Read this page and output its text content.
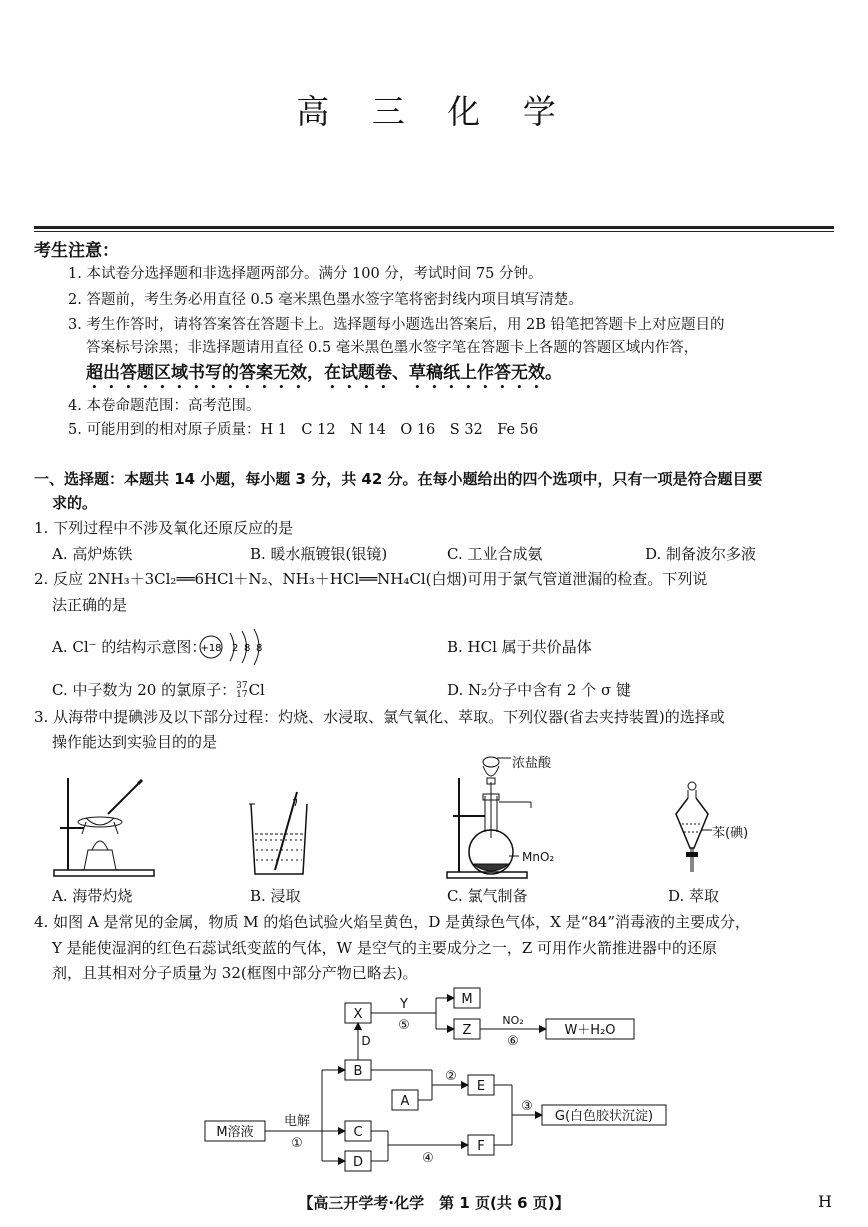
高 三 化 学
考生注意：
1. 本试卷分选择题和非选择题两部分。满分 100 分，考试时间 75 分钟。
2. 答题前，考生务必用直径 0.5 毫米黑色墨水签字笔将密封线内项目填写清楚。
3. 考生作答时，请将答案答在答题卡上。选择题每小题选出答案后，用 2B 铅笔把答题卡上对应题目的
答案标号涂黑；非选择题请用直径 0.5 毫米黑色墨水签字笔在答题卡上各题的答题区域内作答，
超出答题区域书写的答案无效，在试题卷、草稿纸上作答无效。
4. 本卷命题范围：高考范围。
5. 可能用到的相对原子质量：H 1　C 12　N 14　O 16　S 32　Fe 56
一、选择题：本题共 14 小题，每小题 3 分，共 42 分。在每小题给出的四个选项中，只有一项是符合题目要
求的。
1. 下列过程中不涉及氧化还原反应的是
A. 高炉炼铁	B. 暖水瓶镀银(银镜)	C. 工业合成氨	D. 制备波尔多液
2. 反应 2NH₃＋3Cl₂══6HCl＋N₂、NH₃＋HCl══NH₄Cl(白烟)可用于氯气管道泄漏的检查。下列说
法正确的是
A. Cl⁻ 的结构示意图：
+18 2 8 8	B. HCl 属于共价晶体
C. 中子数为 20 的氯原子：37
17Cl	D. N₂分子中含有 2 个 σ 键
3. 从海带中提碘涉及以下部分过程：灼烧、水浸取、氯气氧化、萃取。下列仪器(省去夹持装置)的选择或
操作能达到实验目的的是
浓盐酸
MnO₂
苯(碘)
A. 海带灼烧	B. 浸取	C. 氯气制备	D. 萃取
4. 如图 A 是常见的金属，物质 M 的焰色试验火焰呈黄色，D 是黄绿色气体，X 是“84”消毒液的主要成分，
Y 是能使湿润的红色石蕊试纸变蓝的气体，W 是空气的主要成分之一，Z 可用作火箭推进器中的还原
剂，且其相对分子质量为 32(框图中部分产物已略去)。
X
M
Z	W＋H₂O
B
A
E
G(白色胶状沉淀)
M溶液	C
D
F
电解
①
Y
⑤	NO₂
⑥
D
②
③
④
【高三开学考·化学　第 1 页(共 6 页)】	H
